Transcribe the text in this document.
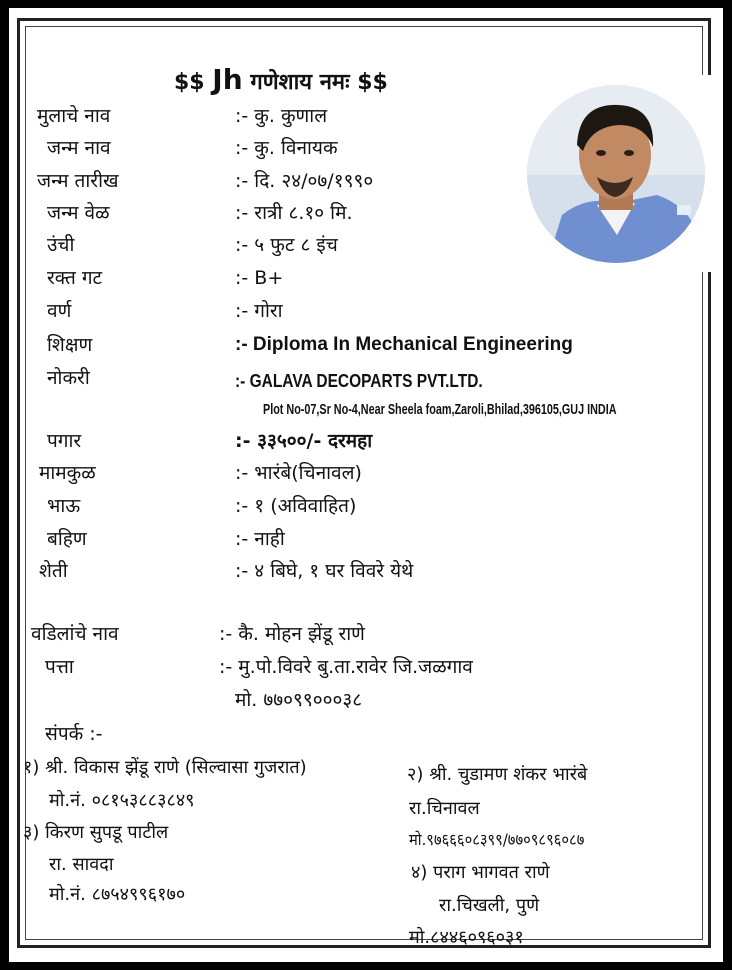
$$ Jh गणेशाय नमः $$
मुलाचे नाव	:- कु. कुणाल
जन्म नाव	:- कु. विनायक
जन्म तारीख	:- दि. २४/०७/१९९०
जन्म वेळ	:- रात्री ८.१० मि.
उंची	:- ५ फुट ८ इंच
रक्त गट	:- B+
वर्ण	:- गोरा
शिक्षण	:- Diploma In Mechanical Engineering
नोकरी	:- GALAVA DECOPARTS PVT.LTD.
Plot No-07,Sr No-4,Near Sheela foam,Zaroli,Bhilad,396105,GUJ INDIA
पगार	:- ३३५००/- दरमहा
मामकुळ	:- भारंबे(चिनावल)
भाऊ	:- १ (अविवाहित)
बहिण	:- नाही
शेती	:- ४ बिघे, १ घर विवरे येथे
वडिलांचे नाव	:- कै. मोहन झेंडू राणे
पत्ता	:- मु.पो.विवरे बु.ता.रावेर जि.जळगाव
मो. ७७०९९०००३८
संपर्क :-
१) श्री. विकास झेंडू राणे (सिल्वासा गुजरात)
मो.नं. ०८१५३८८३८४९
३) किरण सुपडू पाटील
रा. सावदा
मो.नं. ८७५४९९६१७०
२) श्री. चुडामण शंकर भारंबे
रा.चिनावल
मो.९७६६६०८३९९/७७०९८९६०८७
४) पराग भागवत राणे
रा.चिखली, पुणे
मो.८४४६०९६०३१
